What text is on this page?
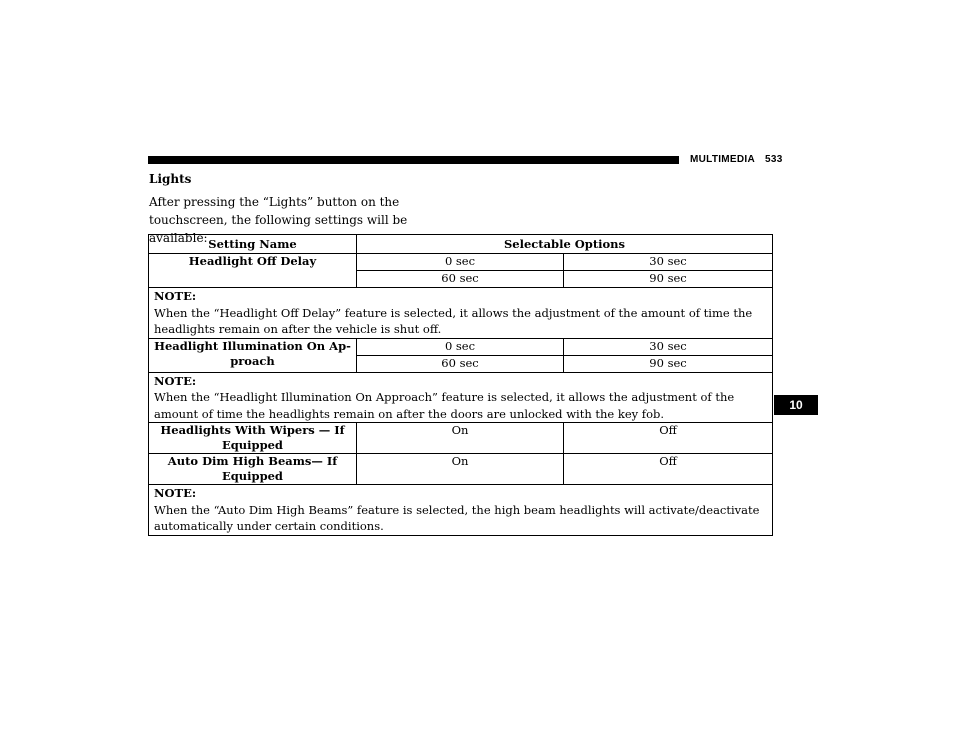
MULTIMEDIA 533
10
Lights
After pressing the “Lights” button on the touchscreen, the following settings will be available: Setting Name	Selectable Options	
Headlight Off Delay	0 sec	30 sec
	60 sec	90 sec

NOTE:
When the “Headlight Off Delay” feature is selected, it allows the adjustment of the amount of time the headlights remain on after the vehicle is shut off.		
Headlight Illumination On Approach	0 sec	30 sec
	60 sec	90 sec

NOTE:
When the “Headlight Illumination On Approach” feature is selected, it allows the adjustment of the amount of time the headlights remain on after the doors are unlocked with the key fob.		
Headlights With Wipers — If Equipped	On	Off
Auto Dim High Beams— If Equipped	On	Off

NOTE:
When the “Auto Dim High Beams” feature is selected, the high beam headlights will activate/deactivate automatically under certain conditions.		
